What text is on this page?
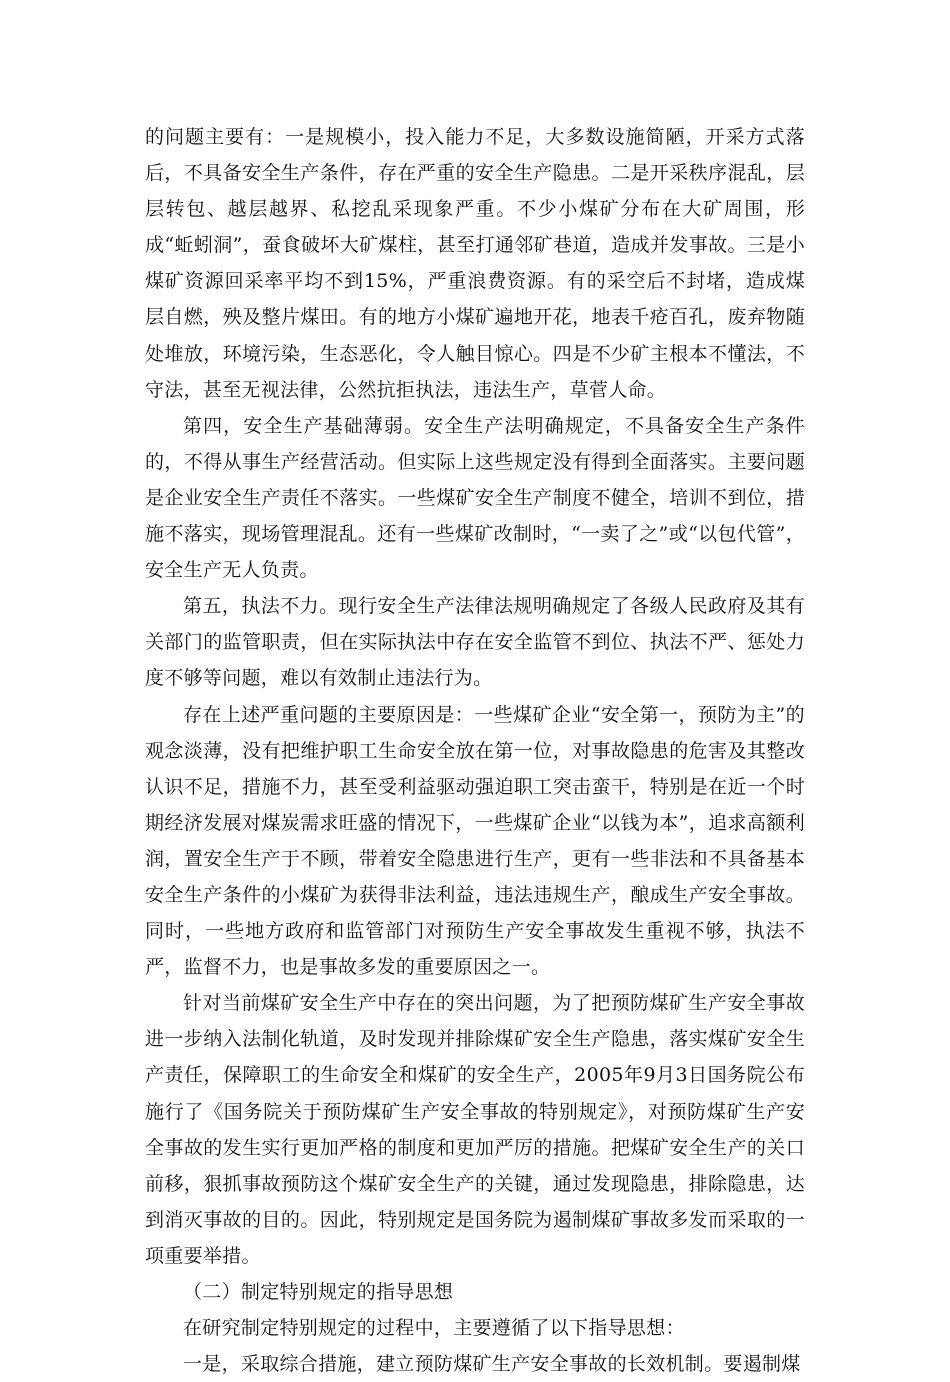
的问题主要有：一是规模小，投入能力不足，大多数设施简陋，开采方式落后，不具备安全生产条件，存在严重的安全生产隐患。二是开采秩序混乱，层层转包、越层越界、私挖乱采现象严重。不少小煤矿分布在大矿周围，形成“蚯蚓洞”，蚕食破坏大矿煤柱，甚至打通邻矿巷道，造成并发事故。三是小煤矿资源回采率平均不到15%，严重浪费资源。有的采空后不封堵，造成煤层自燃，殃及整片煤田。有的地方小煤矿遍地开花，地表千疮百孔，废弃物随处堆放，环境污染，生态恶化，令人触目惊心。四是不少矿主根本不懂法，不守法，甚至无视法律，公然抗拒执法，违法生产，草菅人命。

第四，安全生产基础薄弱。安全生产法明确规定，不具备安全生产条件的，不得从事生产经营活动。但实际上这些规定没有得到全面落实。主要问题是企业安全生产责任不落实。一些煤矿安全生产制度不健全，培训不到位，措施不落实，现场管理混乱。还有一些煤矿改制时，“一卖了之”或“以包代管”，安全生产无人负责。

第五，执法不力。现行安全生产法律法规明确规定了各级人民政府及其有关部门的监管职责，但在实际执法中存在安全监管不到位、执法不严、惩处力度不够等问题，难以有效制止违法行为。

存在上述严重问题的主要原因是：一些煤矿企业“安全第一，预防为主”的观念淡薄，没有把维护职工生命安全放在第一位，对事故隐患的危害及其整改认识不足，措施不力，甚至受利益驱动强迫职工突击蛮干，特别是在近一个时期经济发展对煤炭需求旺盛的情况下，一些煤矿企业“以钱为本”，追求高额利润，置安全生产于不顾，带着安全隐患进行生产，更有一些非法和不具备基本安全生产条件的小煤矿为获得非法利益，违法违规生产，酿成生产安全事故。同时，一些地方政府和监管部门对预防生产安全事故发生重视不够，执法不严，监督不力，也是事故多发的重要原因之一。

针对当前煤矿安全生产中存在的突出问题，为了把预防煤矿生产安全事故进一步纳入法制化轨道，及时发现并排除煤矿安全生产隐患，落实煤矿安全生产责任，保障职工的生命安全和煤矿的安全生产，2005年9月3日国务院公布施行了《国务院关于预防煤矿生产安全事故的特别规定》，对预防煤矿生产安全事故的发生实行更加严格的制度和更加严厉的措施。把煤矿安全生产的关口前移，狠抓事故预防这个煤矿安全生产的关键，通过发现隐患，排除隐患，达到消灭事故的目的。因此，特别规定是国务院为遏制煤矿事故多发而采取的一项重要举措。

（二）制定特别规定的指导思想

在研究制定特别规定的过程中，主要遵循了以下指导思想：

一是，采取综合措施，建立预防煤矿生产安全事故的长效机制。要遏制煤
